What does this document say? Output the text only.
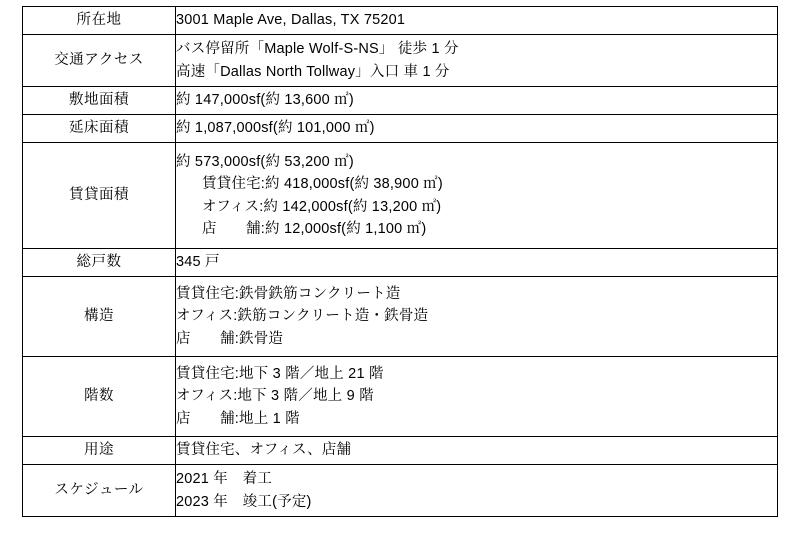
所在地	3001 Maple Ave, Dallas, TX 75201

交通アクセス	バス停留所「Maple Wolf-S-NS」 徒歩 1 分
高速「Dallas North Tollway」入口 車 1 分

敷地面積	約 147,000sf(約 13,600 ㎡)

延床面積	約 1,087,000sf(約 101,000 ㎡)

賃貸面積	約 573,000sf(約 53,200 ㎡)
賃貸住宅:約 418,000sf(約 38,900 ㎡)
オフィス:約 142,000sf(約 13,200 ㎡)
店　　舗:約 12,000sf(約 1,100 ㎡)

総戸数	345 戸

構造	賃貸住宅:鉄骨鉄筋コンクリート造
オフィス:鉄筋コンクリート造・鉄骨造
店　　舗:鉄骨造

階数	賃貸住宅:地下 3 階／地上 21 階
オフィス:地下 3 階／地上 9 階
店　　舗:地上 1 階

用途	賃貸住宅、オフィス、店舗

スケジュール	2021 年　着工
2023 年　竣工(予定)
